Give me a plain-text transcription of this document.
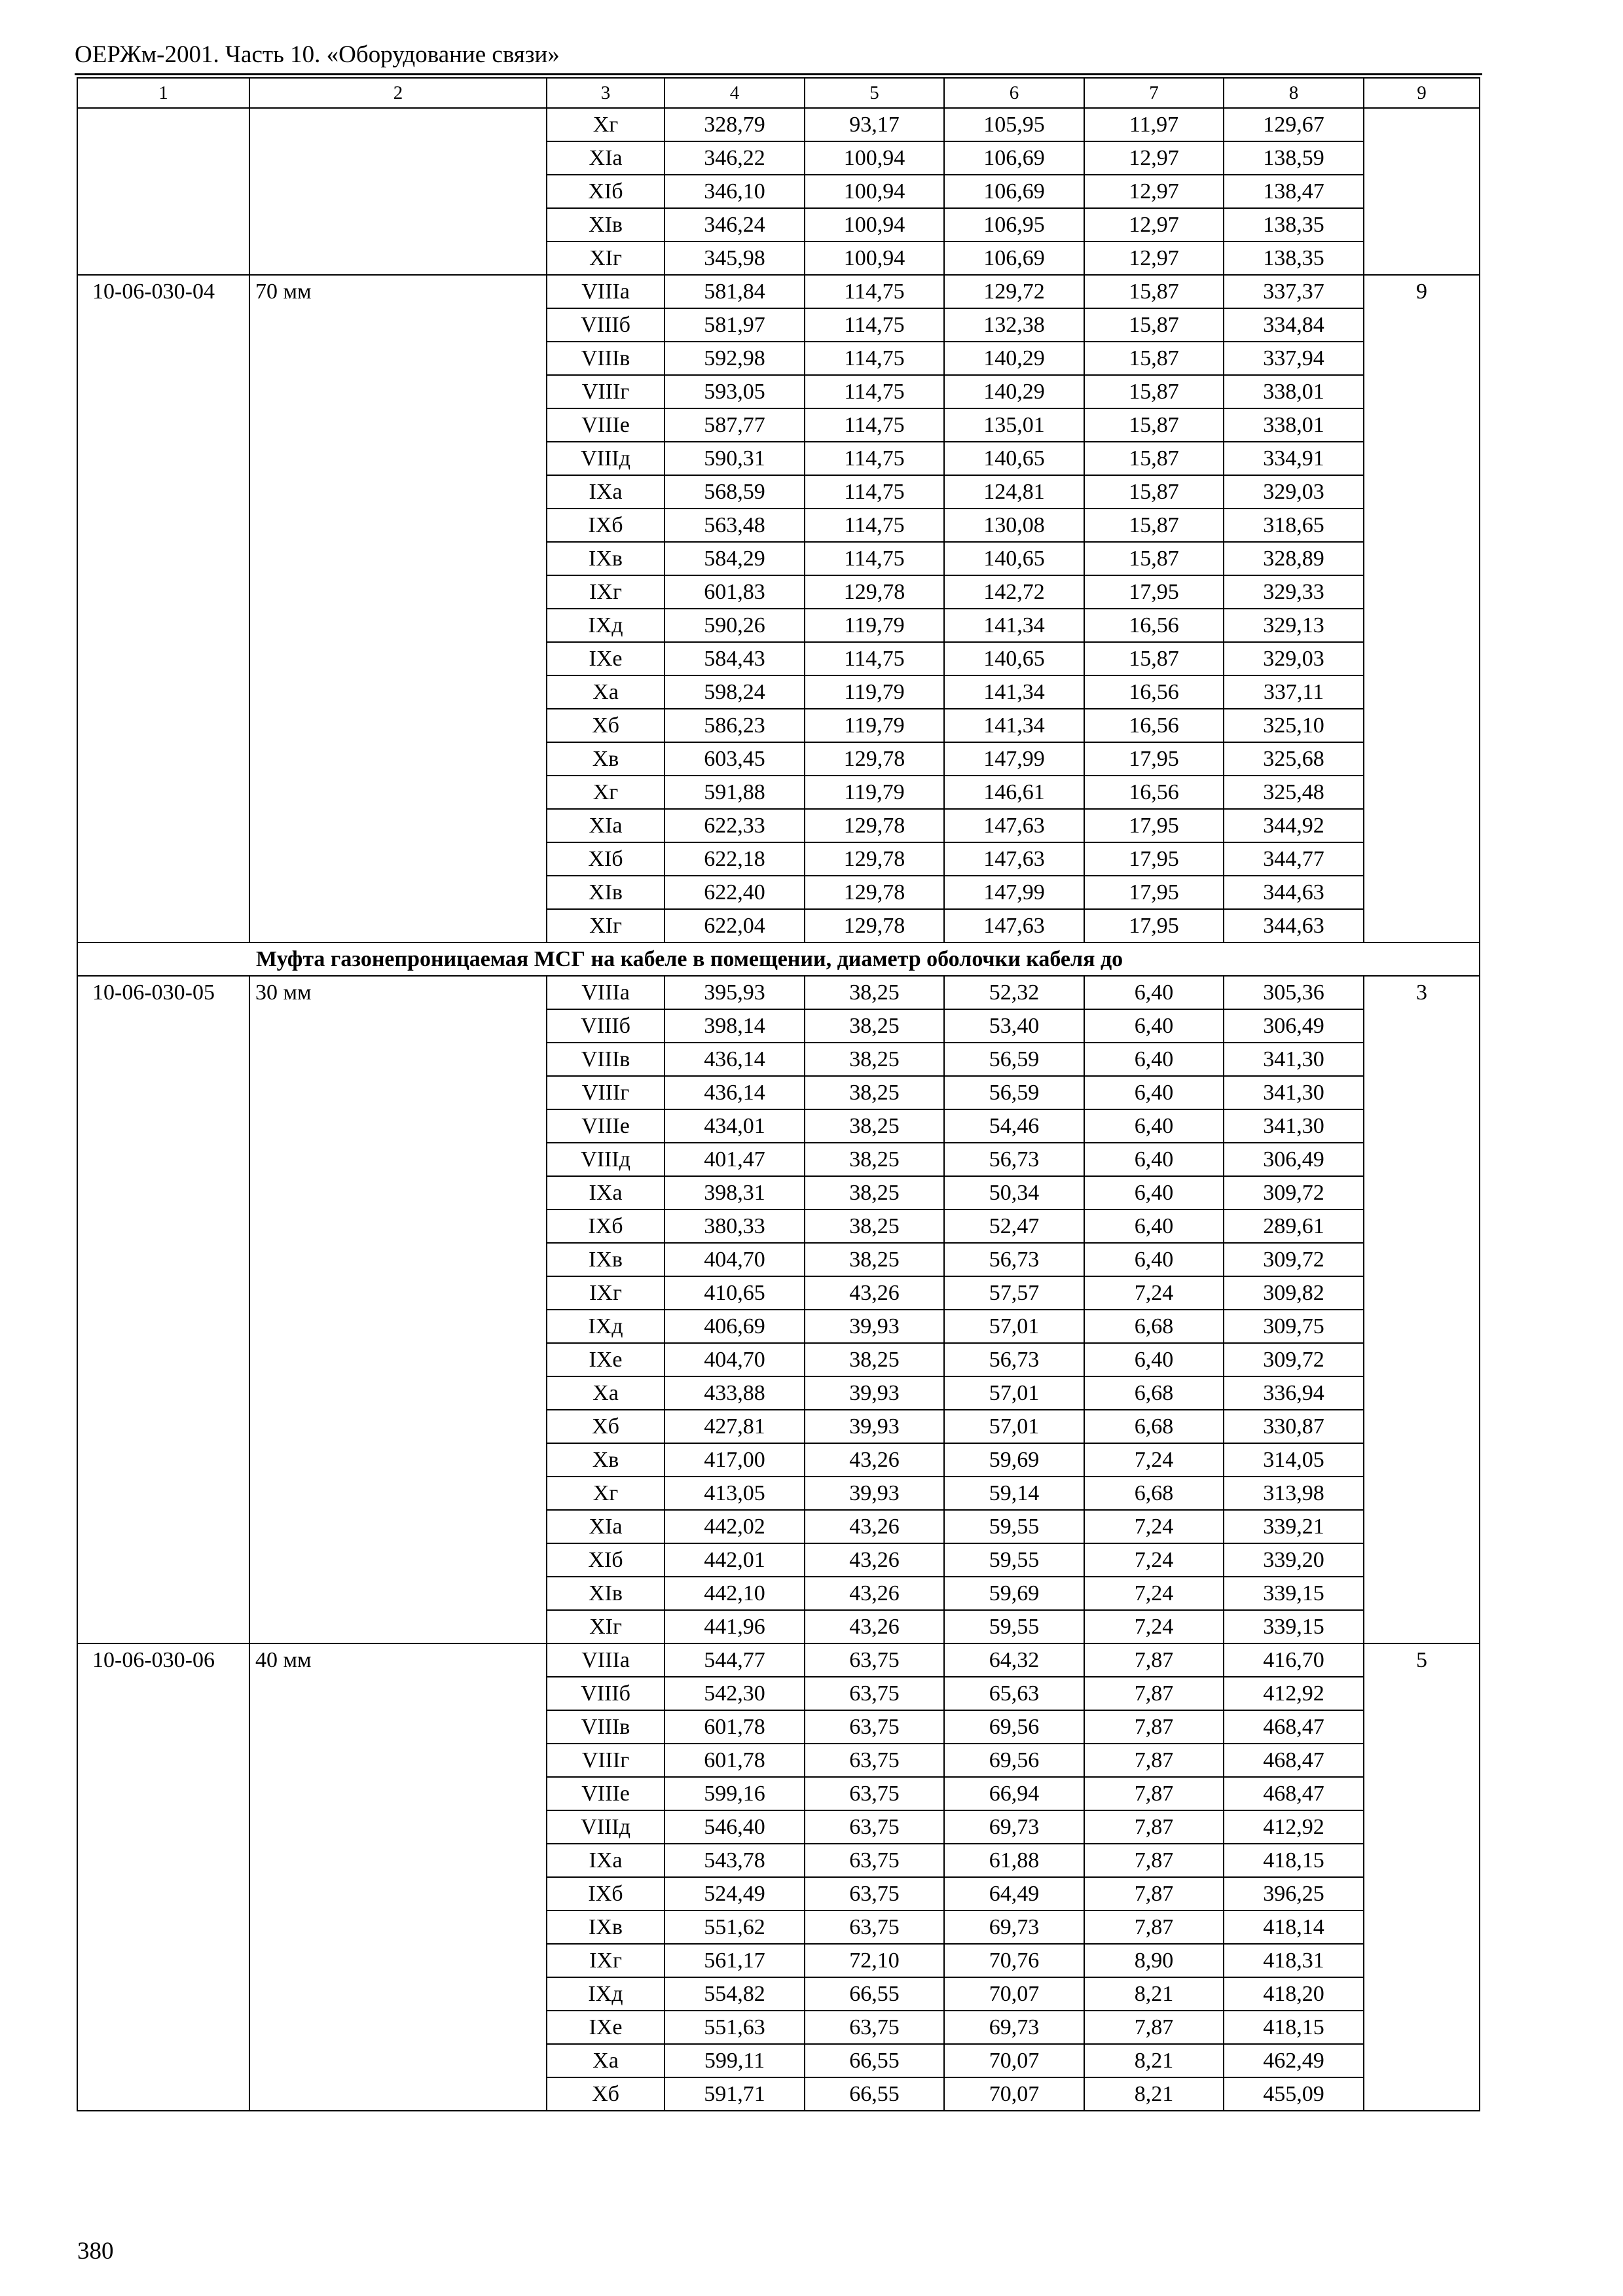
ОЕРЖм-2001. Часть 10. «Оборудование связи»
1	2	3	4	5	6	7	8	9
		Xг	328,79	93,17	105,95	11,97	129,67	
		XIа	346,22	100,94	106,69	12,97	138,59	
		XIб	346,10	100,94	106,69	12,97	138,47	
		XIв	346,24	100,94	106,95	12,97	138,35	
		XIг	345,98	100,94	106,69	12,97	138,35	
10-06-030-04	70 мм	VIIIа	581,84	114,75	129,72	15,87	337,37	9
		VIIIб	581,97	114,75	132,38	15,87	334,84	
		VIIIв	592,98	114,75	140,29	15,87	337,94	
		VIIIг	593,05	114,75	140,29	15,87	338,01	
		VIIIе	587,77	114,75	135,01	15,87	338,01	
		VIIIд	590,31	114,75	140,65	15,87	334,91	
		IXа	568,59	114,75	124,81	15,87	329,03	
		IXб	563,48	114,75	130,08	15,87	318,65	
		IXв	584,29	114,75	140,65	15,87	328,89	
		IXг	601,83	129,78	142,72	17,95	329,33	
		IXд	590,26	119,79	141,34	16,56	329,13	
		IXе	584,43	114,75	140,65	15,87	329,03	
		Xа	598,24	119,79	141,34	16,56	337,11	
		Xб	586,23	119,79	141,34	16,56	325,10	
		Xв	603,45	129,78	147,99	17,95	325,68	
		Xг	591,88	119,79	146,61	16,56	325,48	
		XIа	622,33	129,78	147,63	17,95	344,92	
		XIб	622,18	129,78	147,63	17,95	344,77	
		XIв	622,40	129,78	147,99	17,95	344,63	
		XIг	622,04	129,78	147,63	17,95	344,63	
Муфта газонепроницаемая МСГ на кабеле в помещении, диаметр оболочки кабеля до								
10-06-030-05	30 мм	VIIIа	395,93	38,25	52,32	6,40	305,36	3
		VIIIб	398,14	38,25	53,40	6,40	306,49	
		VIIIв	436,14	38,25	56,59	6,40	341,30	
		VIIIг	436,14	38,25	56,59	6,40	341,30	
		VIIIе	434,01	38,25	54,46	6,40	341,30	
		VIIIд	401,47	38,25	56,73	6,40	306,49	
		IXа	398,31	38,25	50,34	6,40	309,72	
		IXб	380,33	38,25	52,47	6,40	289,61	
		IXв	404,70	38,25	56,73	6,40	309,72	
		IXг	410,65	43,26	57,57	7,24	309,82	
		IXд	406,69	39,93	57,01	6,68	309,75	
		IXе	404,70	38,25	56,73	6,40	309,72	
		Xа	433,88	39,93	57,01	6,68	336,94	
		Xб	427,81	39,93	57,01	6,68	330,87	
		Xв	417,00	43,26	59,69	7,24	314,05	
		Xг	413,05	39,93	59,14	6,68	313,98	
		XIа	442,02	43,26	59,55	7,24	339,21	
		XIб	442,01	43,26	59,55	7,24	339,20	
		XIв	442,10	43,26	59,69	7,24	339,15	
		XIг	441,96	43,26	59,55	7,24	339,15	
10-06-030-06	40 мм	VIIIа	544,77	63,75	64,32	7,87	416,70	5
		VIIIб	542,30	63,75	65,63	7,87	412,92	
		VIIIв	601,78	63,75	69,56	7,87	468,47	
		VIIIг	601,78	63,75	69,56	7,87	468,47	
		VIIIе	599,16	63,75	66,94	7,87	468,47	
		VIIIд	546,40	63,75	69,73	7,87	412,92	
		IXа	543,78	63,75	61,88	7,87	418,15	
		IXб	524,49	63,75	64,49	7,87	396,25	
		IXв	551,62	63,75	69,73	7,87	418,14	
		IXг	561,17	72,10	70,76	8,90	418,31	
		IXд	554,82	66,55	70,07	8,21	418,20	
		IXе	551,63	63,75	69,73	7,87	418,15	
		Xа	599,11	66,55	70,07	8,21	462,49	
		Xб	591,71	66,55	70,07	8,21	455,09	
380
